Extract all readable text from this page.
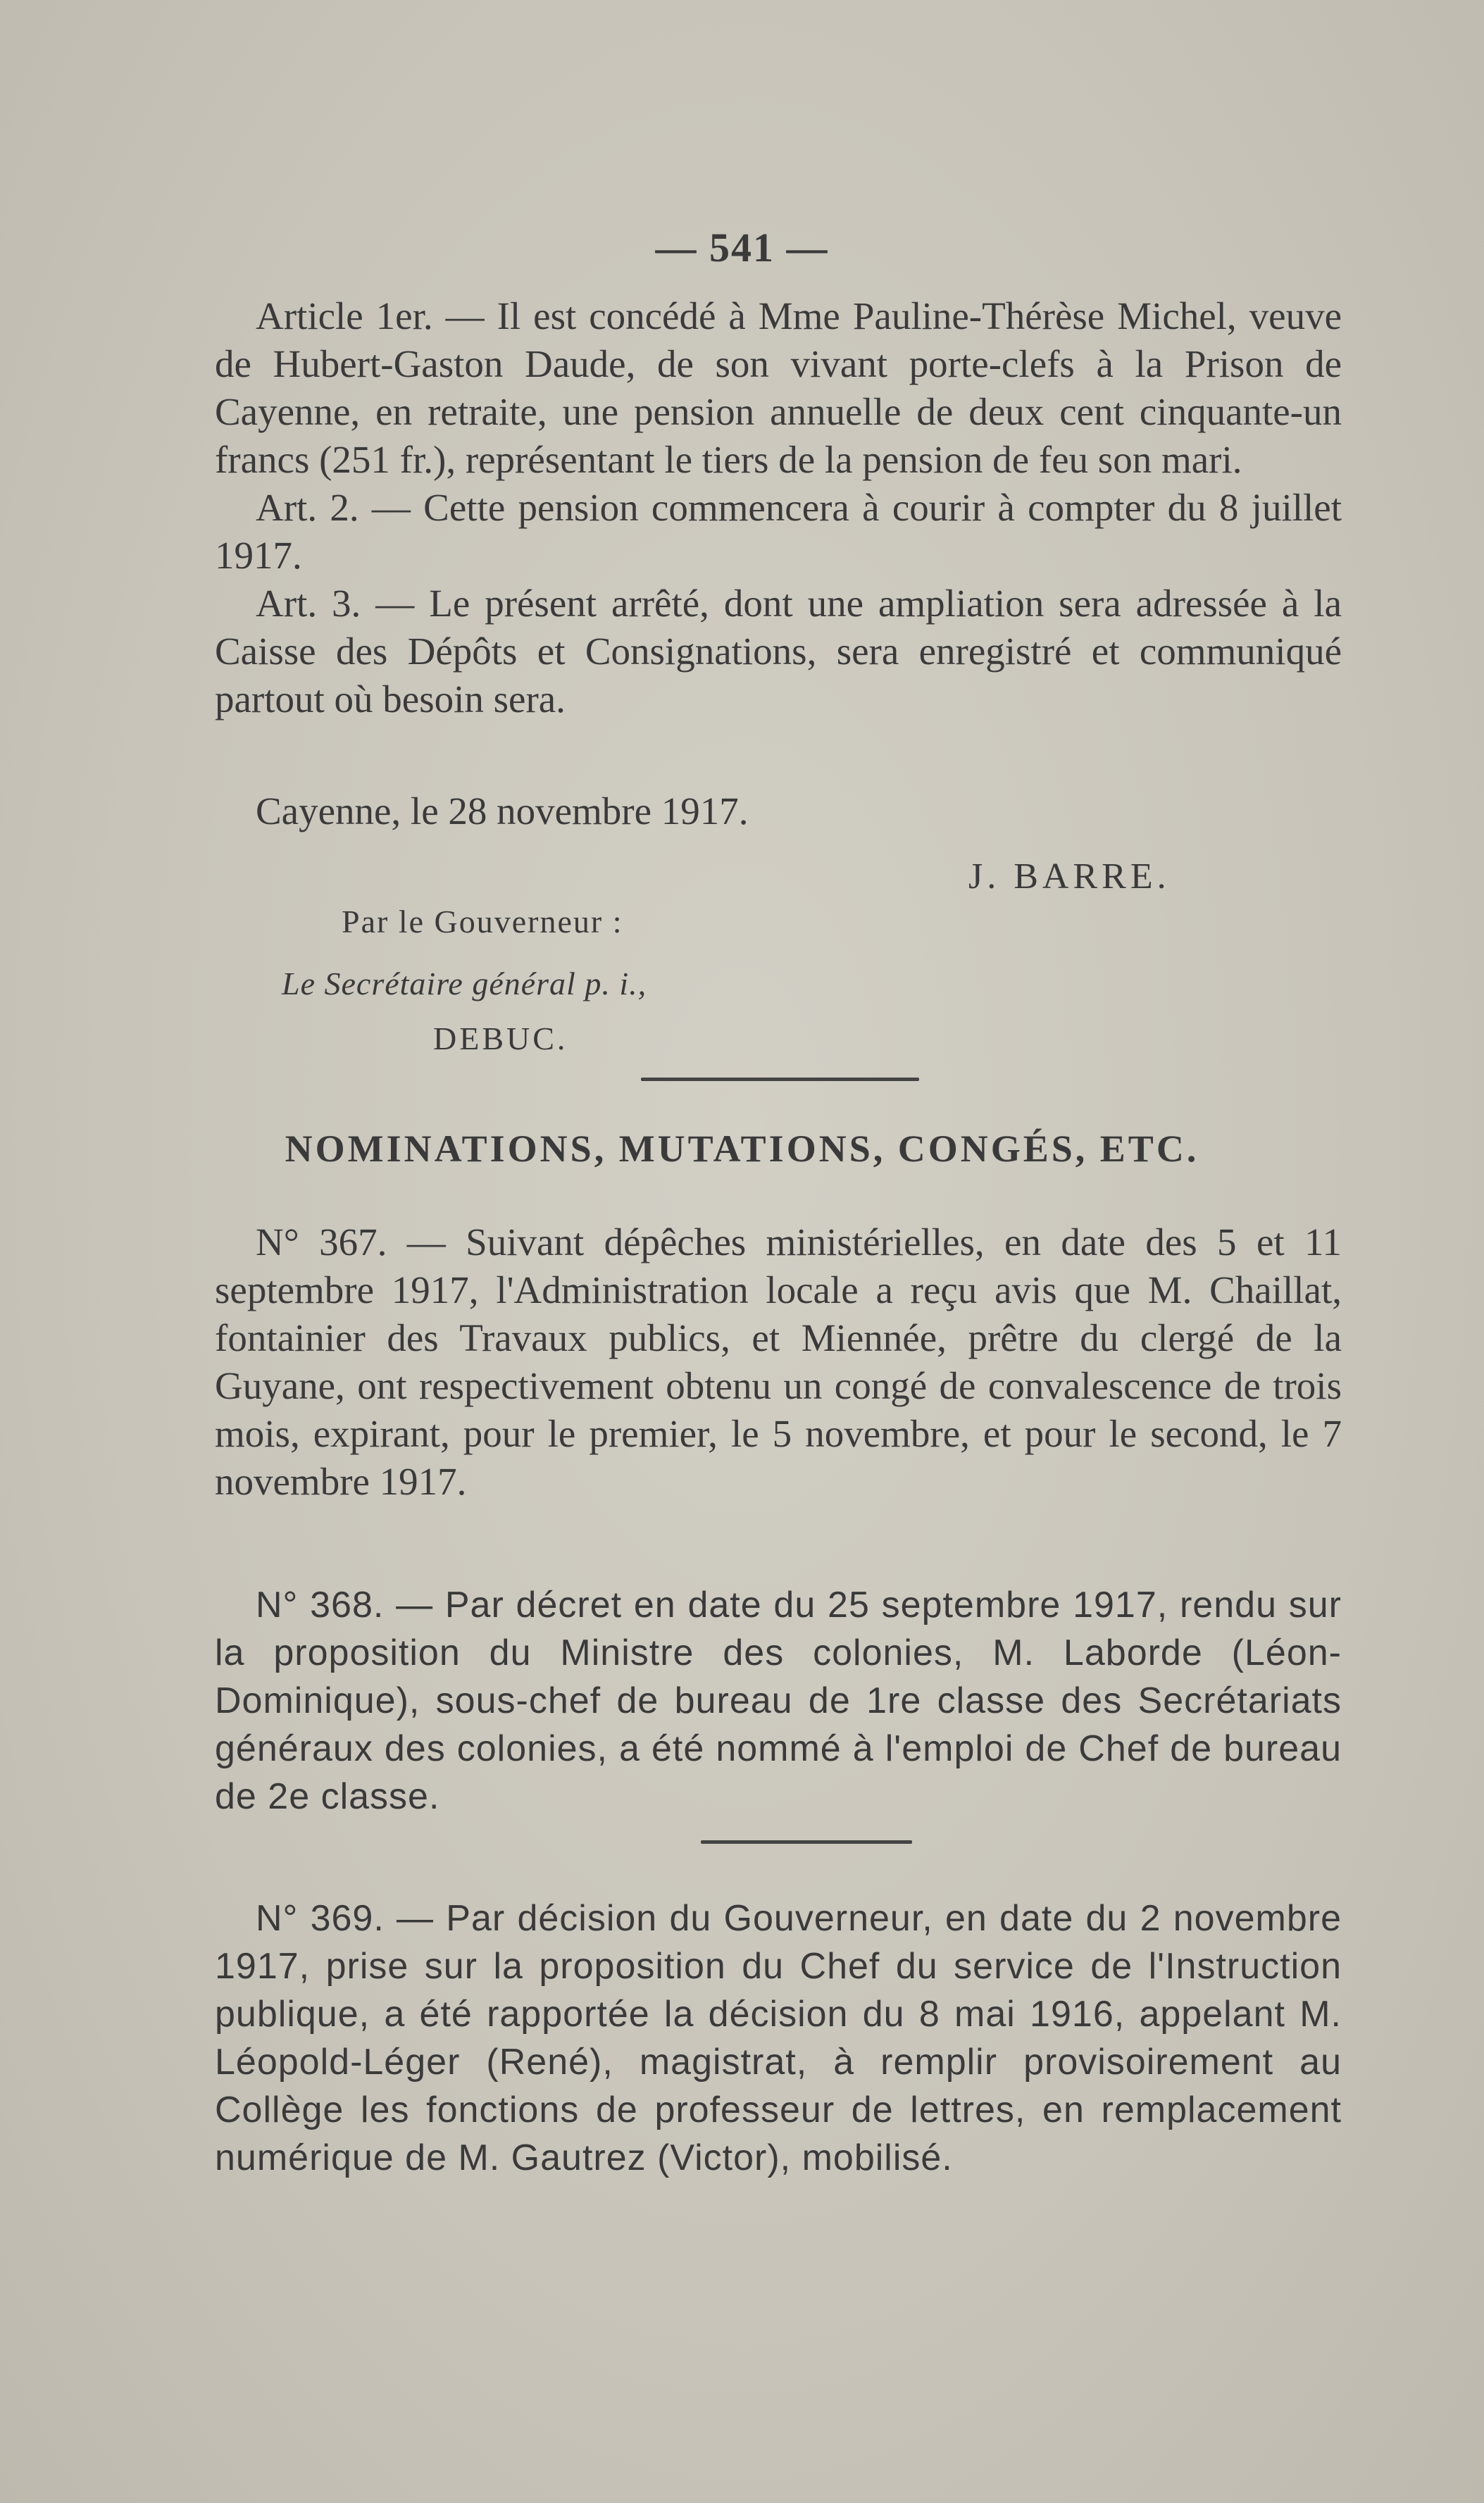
— 541 —

Article 1er. — Il est concédé à Mme Pauline-Thérèse Michel, veuve de Hubert-Gaston Daude, de son vivant porte-clefs à la Prison de Cayenne, en retraite, une pension annuelle de deux cent cinquante-un francs (251 fr.), représentant le tiers de la pension de feu son mari.

Art. 2. — Cette pension commencera à courir à compter du 8 juillet 1917.

Art. 3. — Le présent arrêté, dont une ampliation sera adressée à la Caisse des Dépôts et Consignations, sera enregistré et communiqué partout où besoin sera.

Cayenne, le 28 novembre 1917.
J. BARRE.
Par le Gouverneur :
Le Secrétaire général p. i.,
DEBUC.
NOMINATIONS, MUTATIONS, CONGÉS, ETC.

N° 367. — Suivant dépêches ministérielles, en date des 5 et 11 septembre 1917, l'Administration locale a reçu avis que M. Chaillat, fontainier des Travaux publics, et Miennée, prêtre du clergé de la Guyane, ont respectivement obtenu un congé de convalescence de trois mois, expirant, pour le premier, le 5 novembre, et pour le second, le 7 novembre 1917.

N° 368. — Par décret en date du 25 septembre 1917, rendu sur la proposition du Ministre des colonies, M. Laborde (Léon-Dominique), sous-chef de bureau de 1re classe des Secrétariats généraux des colonies, a été nommé à l'emploi de Chef de bureau de 2e classe.

N° 369. — Par décision du Gouverneur, en date du 2 novembre 1917, prise sur la proposition du Chef du service de l'Instruction publique, a été rapportée la décision du 8 mai 1916, appelant M. Léopold-Léger (René), magistrat, à remplir provisoirement au Collège les fonctions de professeur de lettres, en remplacement numérique de M. Gautrez (Victor), mobilisé.
